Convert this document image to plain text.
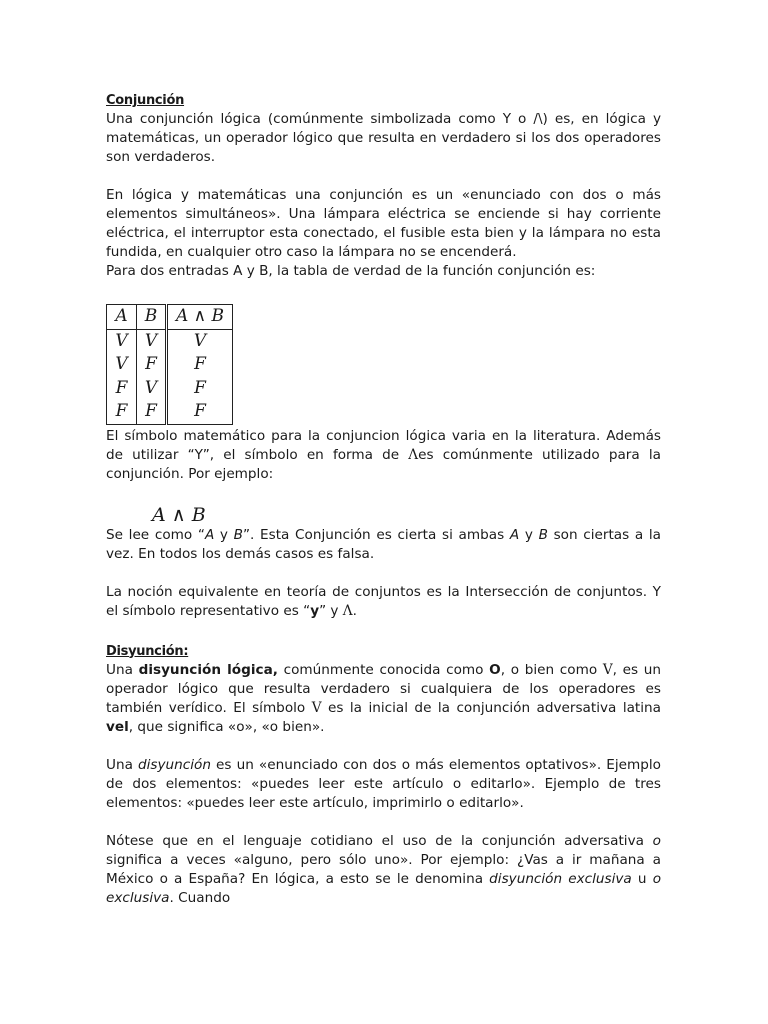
Conjunción

Una conjunción lógica (comúnmente simbolizada como Y o /\) es, en lógica y matemáticas, un operador lógico que resulta en verdadero si los dos operadores son verdaderos.

En lógica y matemáticas una conjunción es un «enunciado con dos o más elementos simultáneos». Una lámpara eléctrica se enciende si hay corriente eléctrica, el interruptor esta conectado, el fusible esta bien y la lámpara no esta fundida, en cualquier otro caso la lámpara no se encenderá.

Para dos entradas A y B, la tabla de verdad de la función conjunción es:

A	B	A ∧ B
V	V	V
V	F	F
F	V	F
F	F	F

El símbolo matemático para la conjuncion lógica varia en la literatura. Además de utilizar “Y”, el símbolo en forma de Λes comúnmente utilizado para la conjunción. Por ejemplo:

A ∧ B

Se lee como “A y B”. Esta Conjunción es cierta si ambas A y B son ciertas a la vez. En todos los demás casos es falsa.

La noción equivalente en teoría de conjuntos es la Intersección de conjuntos. Y el símbolo representativo es “y” y Λ.

Disyunción:

Una disyunción lógica, comúnmente conocida como O, o bien como V, es un operador lógico que resulta verdadero si cualquiera de los operadores es también verídico. El símbolo V es la inicial de la conjunción adversativa latina vel, que significa «o», «o bien».

Una disyunción es un «enunciado con dos o más elementos optativos». Ejemplo de dos elementos: «puedes leer este artículo o editarlo». Ejemplo de tres elementos: «puedes leer este artículo, imprimirlo o editarlo».

Nótese que en el lenguaje cotidiano el uso de la conjunción adversativa o significa a veces «alguno, pero sólo uno». Por ejemplo: ¿Vas a ir mañana a México o a España? En lógica, a esto se le denomina disyunción exclusiva u o exclusiva. Cuando
